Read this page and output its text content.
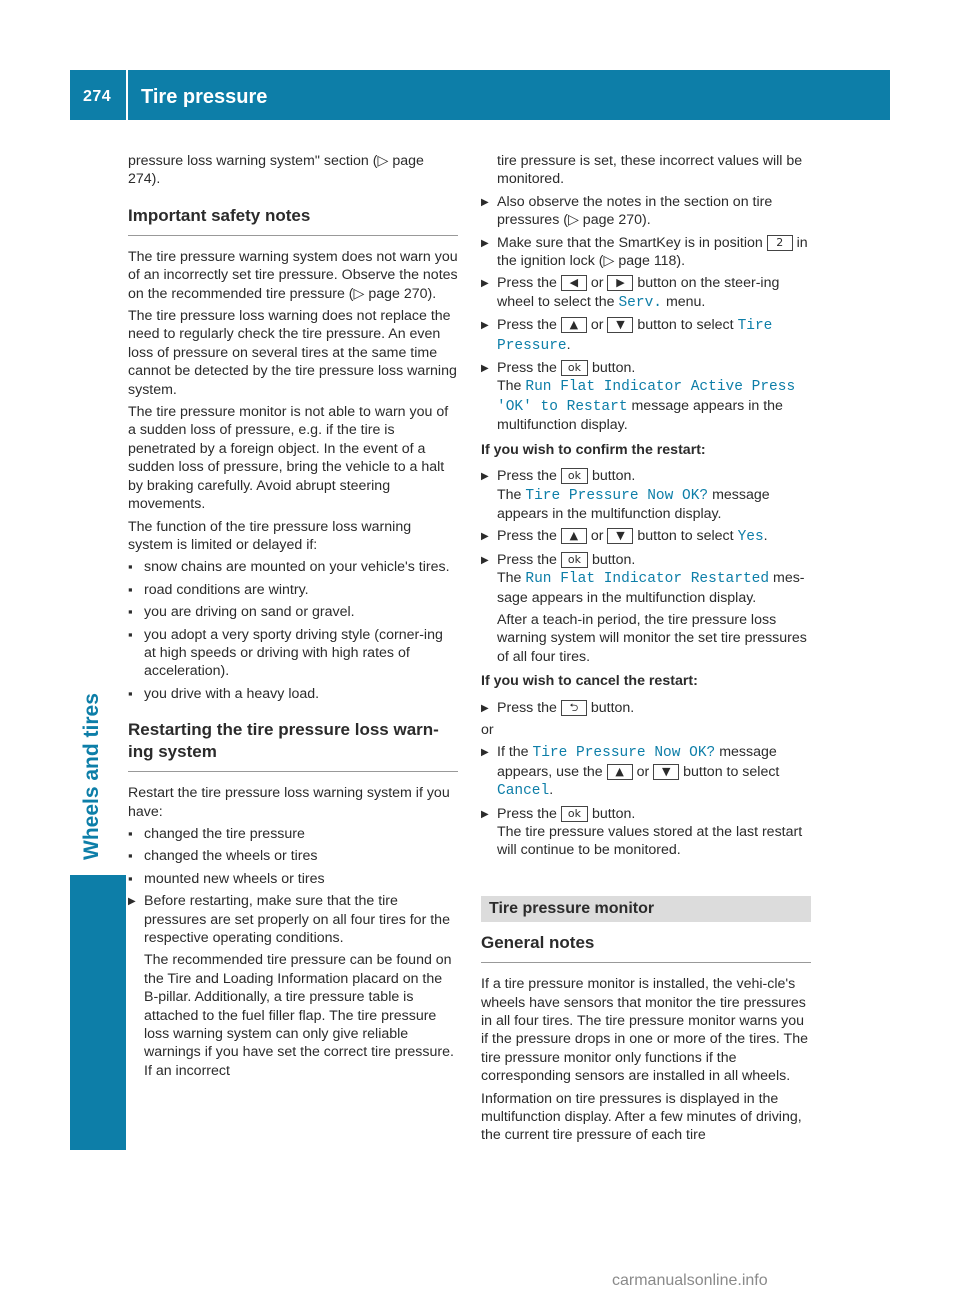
274 Tire pressure
Wheels and tires

pressure loss warning system" section (▷ page 274).

Important safety notes

The tire pressure warning system does not warn you of an incorrectly set tire pressure. Observe the notes on the recommended tire pressure (▷ page 270).

The tire pressure loss warning does not replace the need to regularly check the tire pressure. An even loss of pressure on several tires at the same time cannot be detected by the tire pressure loss warning system.

The tire pressure monitor is not able to warn you of a sudden loss of pressure, e.g. if the tire is penetrated by a foreign object. In the event of a sudden loss of pressure, bring the vehicle to a halt by braking carefully. Avoid abrupt steering movements.

The function of the tire pressure loss warning system is limited or delayed if:

▪ snow chains are mounted on your vehicle's tires.
▪ road conditions are wintry.
▪ you are driving on sand or gravel.
▪ you adopt a very sporty driving style (corner-ing at high speeds or driving with high rates of acceleration).
▪ you drive with a heavy load.
Restarting the tire pressure loss warn-ing system

Restart the tire pressure loss warning system if you have:

▪ changed the tire pressure
▪ changed the wheels or tires
▪ mounted new wheels or tires
▶ Before restarting, make sure that the tire pressures are set properly on all four tires for the respective operating conditions.

The recommended tire pressure can be found on the Tire and Loading Information placard on the B-pillar. Additionally, a tire pressure table is attached to the fuel filler flap. The tire pressure loss warning system can only give reliable warnings if you have set the correct tire pressure. If an incorrect

tire pressure is set, these incorrect values will be monitored.

▶ Also observe the notes in the section on tire pressures (▷ page 270).
▶ Make sure that the SmartKey is in position 2 in the ignition lock (▷ page 118).
▶ Press the ◀ or ▶ button on the steer-ing wheel to select the Serv. menu.
▶ Press the ▲ or ▼ button to select Tire Pressure.
▶ Press the ok button.
The Run Flat Indicator Active Press 'OK' to Restart message appears in the multifunction display.

If you wish to confirm the restart:

▶ Press the ok button.
The Tire Pressure Now OK? message appears in the multifunction display.
▶ Press the ▲ or ▼ button to select Yes.
▶ Press the ok button.
The Run Flat Indicator Restarted mes-sage appears in the multifunction display.

After a teach-in period, the tire pressure loss warning system will monitor the set tire pressures of all four tires.

If you wish to cancel the restart:

▶ Press the ⮌ button.

or

▶ If the Tire Pressure Now OK? message appears, use the ▲ or ▼ button to select Cancel.
▶ Press the ok button.
The tire pressure values stored at the last restart will continue to be monitored.
Tire pressure monitor
General notes

If a tire pressure monitor is installed, the vehi-cle's wheels have sensors that monitor the tire pressures in all four tires. The tire pressure monitor warns you if the pressure drops in one or more of the tires. The tire pressure monitor only functions if the corresponding sensors are installed in all wheels.

Information on tire pressures is displayed in the multifunction display. After a few minutes of driving, the current tire pressure of each tire

carmanualsonline.info
